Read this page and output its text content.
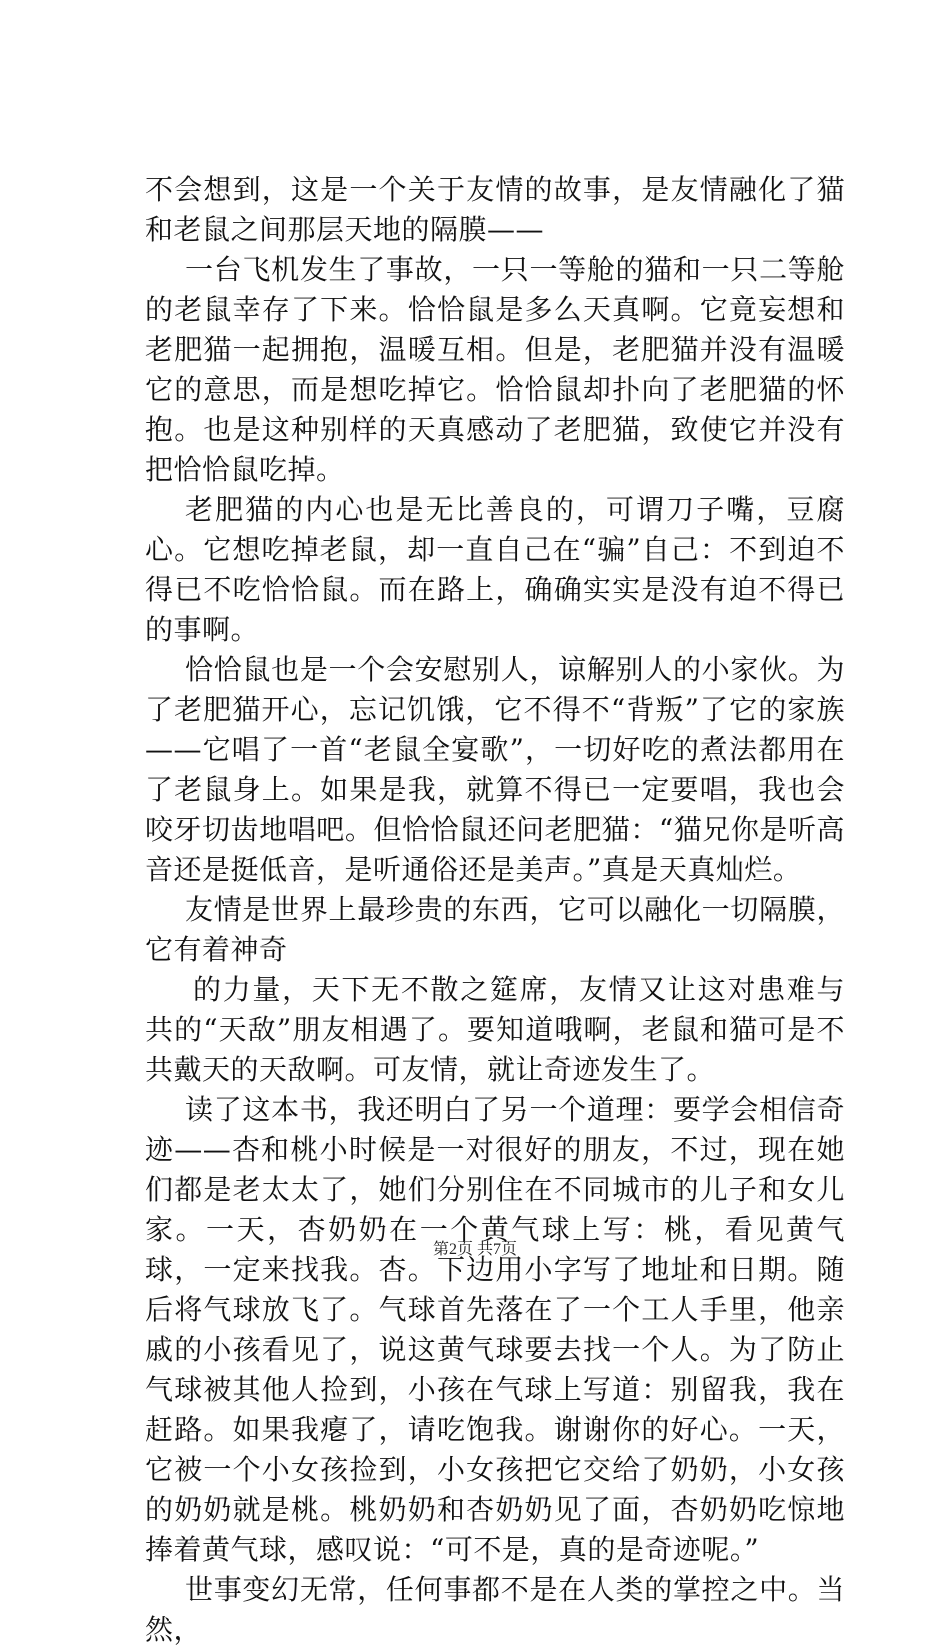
不会想到，这是一个关于友情的故事，是友情融化了猫和老鼠之间那层天地的隔膜——

一台飞机发生了事故，一只一等舱的猫和一只二等舱的老鼠幸存了下来。恰恰鼠是多么天真啊。它竟妄想和老肥猫一起拥抱，温暖互相。但是，老肥猫并没有温暖它的意思，而是想吃掉它。恰恰鼠却扑向了老肥猫的怀抱。也是这种别样的天真感动了老肥猫，致使它并没有把恰恰鼠吃掉。

老肥猫的内心也是无比善良的，可谓刀子嘴，豆腐心。它想吃掉老鼠，却一直自己在“骗”自己：不到迫不得已不吃恰恰鼠。而在路上，确确实实是没有迫不得已的事啊。

恰恰鼠也是一个会安慰别人，谅解别人的小家伙。为了老肥猫开心，忘记饥饿，它不得不“背叛”了它的家族——它唱了一首“老鼠全宴歌”，一切好吃的煮法都用在了老鼠身上。如果是我，就算不得已一定要唱，我也会咬牙切齿地唱吧。但恰恰鼠还问老肥猫：“猫兄你是听高音还是挺低音，是听通俗还是美声。”真是天真灿烂。

友情是世界上最珍贵的东西，它可以融化一切隔膜，它有着神奇

的力量，天下无不散之筵席，友情又让这对患难与共的“天敌”朋友相遇了。要知道哦啊，老鼠和猫可是不共戴天的天敌啊。可友情，就让奇迹发生了。

读了这本书，我还明白了另一个道理：要学会相信奇迹——杏和桃小时候是一对很好的朋友，不过，现在她们都是老太太了，她们分别住在不同城市的儿子和女儿家。一天，杏奶奶在一个黄气球上写：桃，看见黄气球，一定来找我。杏。下边用小字写了地址和日期。随后将气球放飞了。气球首先落在了一个工人手里，他亲戚的小孩看见了，说这黄气球要去找一个人。为了防止气球被其他人捡到，小孩在气球上写道：别留我，我在赶路。如果我瘪了，请吃饱我。谢谢你的好心。一天，它被一个小女孩捡到，小女孩把它交给了奶奶，小女孩的奶奶就是桃。桃奶奶和杏奶奶见了面，杏奶奶吃惊地捧着黄气球，感叹说：“可不是，真的是奇迹呢。”

世事变幻无常，任何事都不是在人类的掌控之中。当然，

第2页 共7页
